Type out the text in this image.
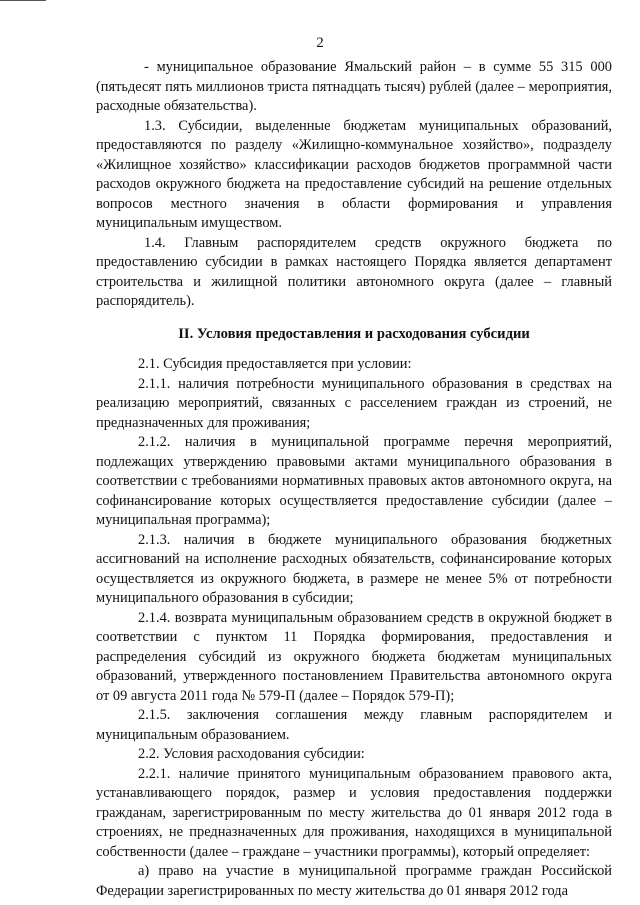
2

- муниципальное образование Ямальский район – в сумме 55 315 000 (пятьдесят пять миллионов триста пятнадцать тысяч) рублей (далее – мероприятия, расходные обязательства).

1.3. Субсидии, выделенные бюджетам муниципальных образований, предоставляются по разделу «Жилищно-коммунальное хозяйство», подразделу «Жилищное хозяйство» классификации расходов бюджетов программной части расходов окружного бюджета на предоставление субсидий на решение отдельных вопросов местного значения в области формирования и управления муниципальным имуществом.

1.4. Главным распорядителем средств окружного бюджета по предоставлению субсидии в рамках настоящего Порядка является департамент строительства и жилищной политики автономного округа (далее – главный распорядитель).

II. Условия предоставления и расходования субсидии

2.1. Субсидия предоставляется при условии:

2.1.1. наличия потребности муниципального образования в средствах на реализацию мероприятий, связанных с расселением граждан из строений, не предназначенных для проживания;

2.1.2. наличия в муниципальной программе перечня мероприятий, подлежащих утверждению правовыми актами муниципального образования в соответствии с требованиями нормативных правовых актов автономного округа, на софинансирование которых осуществляется предоставление субсидии (далее – муниципальная программа);

2.1.3. наличия в бюджете муниципального образования бюджетных ассигнований на исполнение расходных обязательств, софинансирование которых осуществляется из окружного бюджета, в размере не менее 5% от потребности муниципального образования в субсидии;

2.1.4. возврата муниципальным образованием средств в окружной бюджет в соответствии с пунктом 11 Порядка формирования, предоставления и распределения субсидий из окружного бюджета бюджетам муниципальных образований, утвержденного постановлением Правительства автономного округа от 09 августа 2011 года № 579-П (далее – Порядок 579-П);

2.1.5. заключения соглашения между главным распорядителем и муниципальным образованием.

2.2. Условия расходования субсидии:

2.2.1. наличие принятого муниципальным образованием правового акта, устанавливающего порядок, размер и условия предоставления поддержки гражданам, зарегистрированным по месту жительства до 01 января 2012 года в строениях, не предназначенных для проживания, находящихся в муниципальной собственности (далее – граждане – участники программы), который определяет:

а) право на участие в муниципальной программе граждан Российской Федерации зарегистрированных по месту жительства до 01 января 2012 года
